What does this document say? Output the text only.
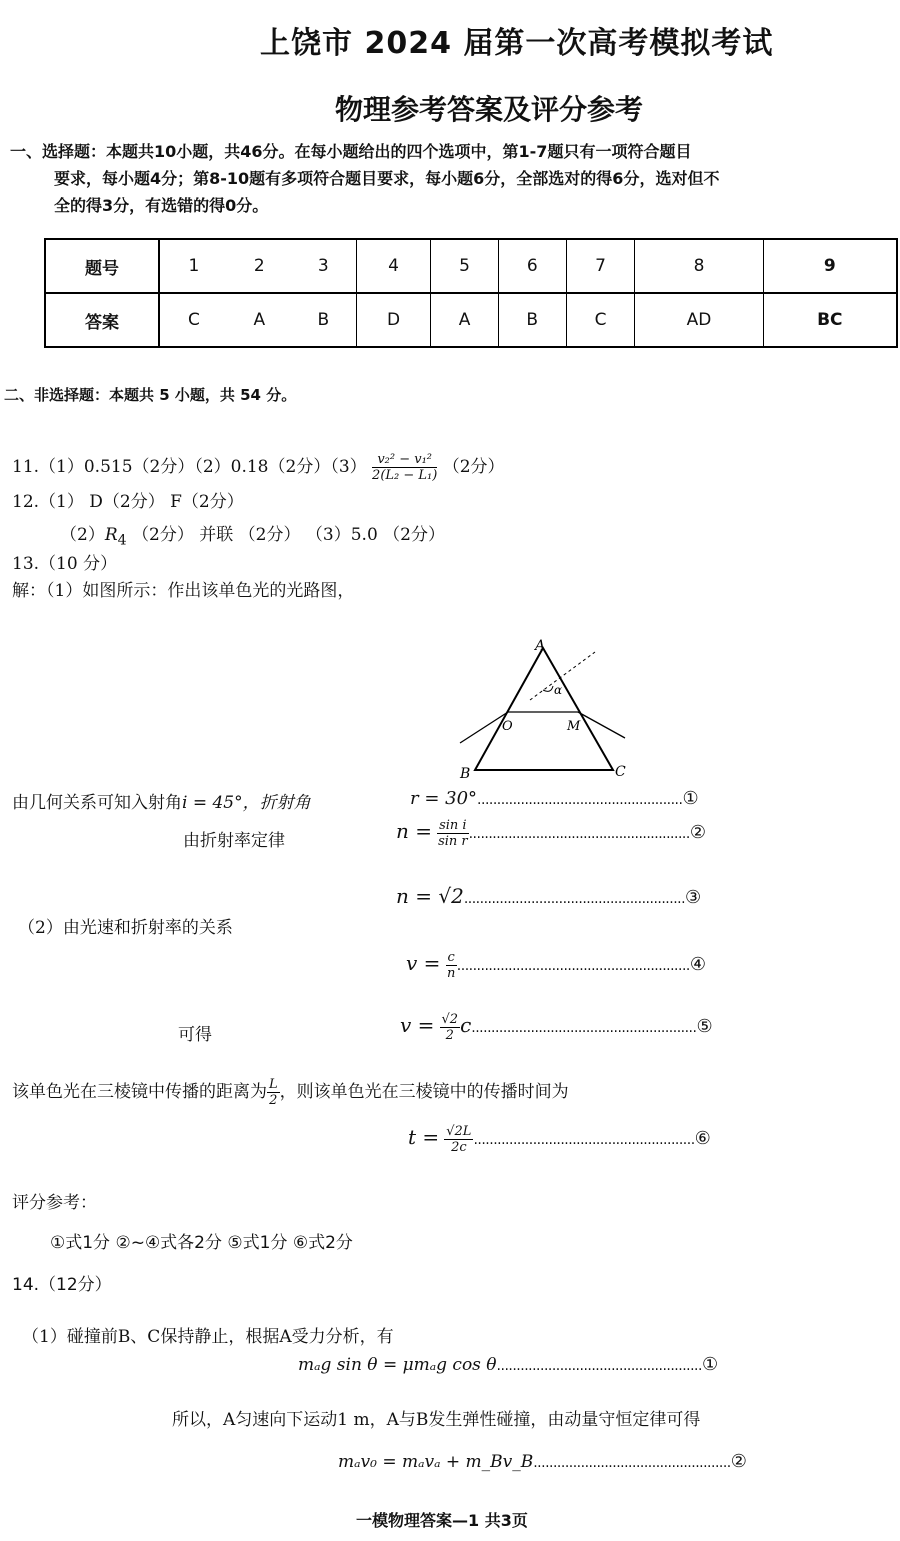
上饶市 2024 届第一次高考模拟考试
物理参考答案及评分参考
一、选择题：本题共10小题，共46分。在每小题给出的四个选项中，第1-7题只有一项符合题目
要求，每小题4分；第8-10题有多项符合题目要求，每小题6分，全部选对的得6分，选对但不
全的得3分，有选错的得0分。
题号	1	2	3	4	5	6	7	8	9
答案	C	A	B	D	A	B	C	AD	BC
二、非选择题：本题共 5 小题，共 54 分。
11.（1）0.515（2分）（2）0.18（2分）$(3) \frac{\text{v₂² − v₁²}}{\text{2(L₂ − L₁)}} (2$分）
12.（1） D（2分） F（2分）
$(2)R_4$ （2分） 并联 （2分） （3）5.0 （2分）
13.（10 分）
解：（1）如图所示：作出该单色光的光路图，
A
B	C
O	M
α
由几何关系可知入射角i = 45°，折射角	r = 30°....................................................①
由折射率定律	$n = \frac{\text{sin i}}{\text{sin r}}$ ........................................................②
n = √2........................................................③
（2）由光速和折射率的关系
$v = \frac{c}{n}$ ...........................................................④
可得	$v = \frac{√2}{2}$ c.........................................................⑤
该单色光在三棱镜中传播的距离为 $\frac{L}{2}$ ，则该单色光在三棱镜中的传播时间为
$t = \frac{√2L}{2c}$ ........................................................⑥
评分参考：
①式1分 ②~④式各2分 ⑤式1分 ⑥式2分
14.（12分）
（1）碰撞前B、C保持静止，根据A受力分析，有
mₐg sin θ = μmₐg cos θ....................................................①
所以，A匀速向下运动1 m，A与B发生弹性碰撞，由动量守恒定律可得
mₐv₀ = mₐvₐ + m_Bv_B..................................................②
一模物理答案—1 共3页
